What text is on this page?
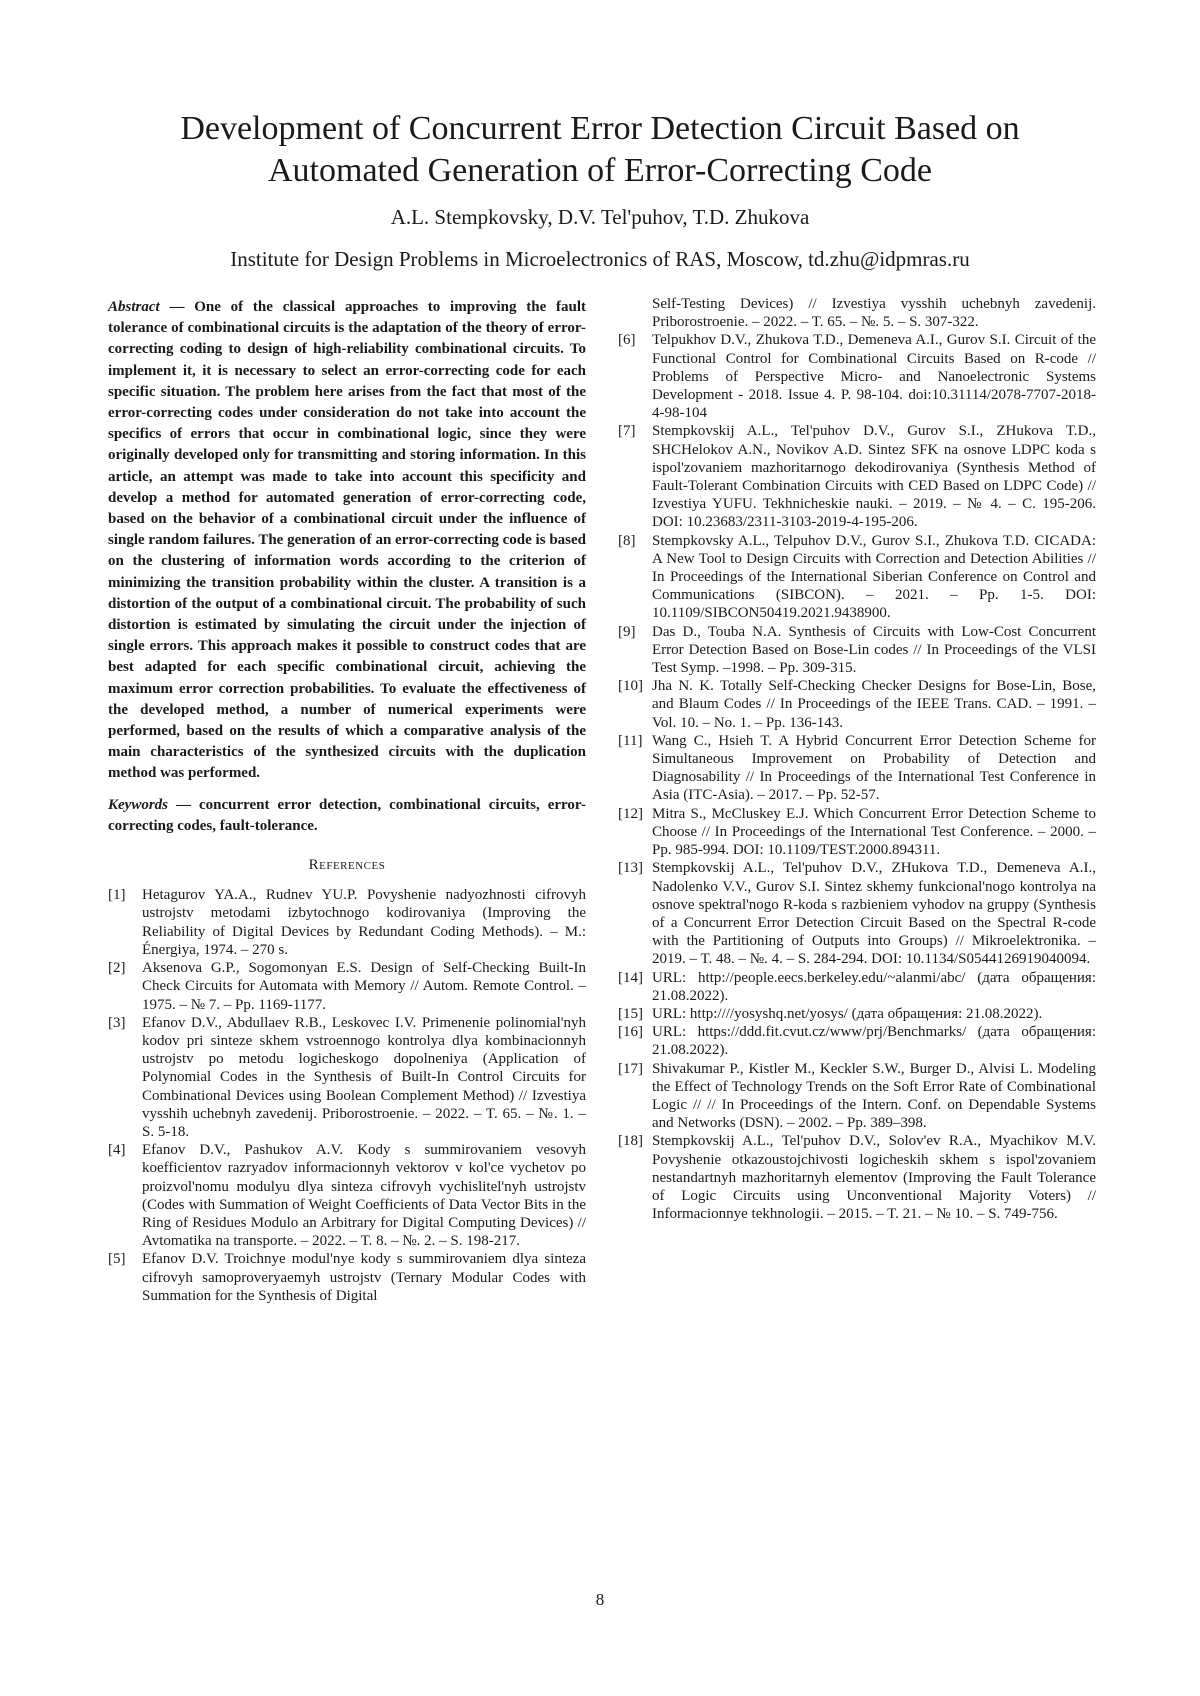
Development of Concurrent Error Detection Circuit Based on
Automated Generation of Error-Correcting Code
A.L. Stempkovsky, D.V. Tel'puhov, T.D. Zhukova
Institute for Design Problems in Microelectronics of RAS, Moscow, td.zhu@idpmras.ru

Abstract — One of the classical approaches to improving the fault tolerance of combinational circuits is the adaptation of the theory of error-correcting coding to design of high-reliability combinational circuits. To implement it, it is necessary to select an error-correcting code for each specific situation. The problem here arises from the fact that most of the error-correcting codes under consideration do not take into account the specifics of errors that occur in combinational logic, since they were originally developed only for transmitting and storing information. In this article, an attempt was made to take into account this specificity and develop a method for automated generation of error-correcting code, based on the behavior of a combinational circuit under the influence of single random failures. The generation of an error-correcting code is based on the clustering of information words according to the criterion of minimizing the transition probability within the cluster. A transition is a distortion of the output of a combinational circuit. The probability of such distortion is estimated by simulating the circuit under the injection of single errors. This approach makes it possible to construct codes that are best adapted for each specific combinational circuit, achieving the maximum error correction probabilities. To evaluate the effectiveness of the developed method, a number of numerical experiments were performed, based on the results of which a comparative analysis of the main characteristics of the synthesized circuits with the duplication method was performed.

Keywords — concurrent error detection, combinational circuits, error-correcting codes, fault-tolerance.

References
[1]	Hetagurov YA.A., Rudnev YU.P. Povyshenie nadyozhnosti cifrovyh ustrojstv metodami izbytochnogo kodirovaniya (Improving the Reliability of Digital Devices by Redundant Coding Methods). – M.: Énergiya, 1974. – 270 s.
[2]	Aksenova G.P., Sogomonyan E.S. Design of Self-Checking Built-In Check Circuits for Automata with Memory // Autom. Remote Control. – 1975. – № 7. – Pp. 1169-1177.
[3]	Efanov D.V., Abdullaev R.B., Leskovec I.V. Primenenie polinomial'nyh kodov pri sinteze skhem vstroennogo kontrolya dlya kombinacionnyh ustrojstv po metodu logicheskogo dopolneniya (Application of Polynomial Codes in the Synthesis of Built-In Control Circuits for Combinational Devices using Boolean Complement Method) // Izvestiya vysshih uchebnyh zavedenij. Priborostroenie. – 2022. – T. 65. – №. 1. – S. 5-18.
[4]	Efanov D.V., Pashukov A.V. Kody s summirovaniem vesovyh koefficientov razryadov informacionnyh vektorov v kol'ce vychetov po proizvol'nomu modulyu dlya sinteza cifrovyh vychislitel'nyh ustrojstv (Codes with Summation of Weight Coefficients of Data Vector Bits in the Ring of Residues Modulo an Arbitrary for Digital Computing Devices) // Avtomatika na transporte. – 2022. – T. 8. – №. 2. – S. 198-217.
[5]	Efanov D.V. Troichnye modul'nye kody s summirovaniem dlya sinteza cifrovyh samoproveryaemyh ustrojstv (Ternary Modular Codes with Summation for the Synthesis of Digital

Self-Testing Devices) // Izvestiya vysshih uchebnyh zavedenij. Priborostroenie. – 2022. – T. 65. – №. 5. – S. 307-322.

[6]	Telpukhov D.V., Zhukova T.D., Demeneva A.I., Gurov S.I. Circuit of the Functional Control for Combinational Circuits Based on R-code // Problems of Perspective Micro- and Nanoelectronic Systems Development - 2018. Issue 4. P. 98-104. doi:10.31114/2078-7707-2018-4-98-104
[7]	Stempkovskij A.L., Tel'puhov D.V., Gurov S.I., ZHukova T.D., SHCHelokov A.N., Novikov A.D. Sintez SFK na osnove LDPC koda s ispol'zovaniem mazhoritarnogo dekodirovaniya (Synthesis Method of Fault-Tolerant Combination Circuits with CED Based on LDPC Code) // Izvestiya YUFU. Tekhnicheskie nauki. – 2019. – № 4. – C. 195-206. DOI: 10.23683/2311-3103-2019-4-195-206.
[8]	Stempkovsky A.L., Telpuhov D.V., Gurov S.I., Zhukova T.D. CICADA: A New Tool to Design Circuits with Correction and Detection Abilities // In Proceedings of the International Siberian Conference on Control and Communications (SIBCON). – 2021. – Pp. 1-5. DOI: 10.1109/SIBCON50419.2021.9438900.
[9]	Das D., Touba N.A. Synthesis of Circuits with Low-Cost Concurrent Error Detection Based on Bose-Lin codes // In Proceedings of the VLSI Test Symp. –1998. – Pp. 309-315.
[10] Jha N. K. Totally Self-Checking Checker Designs for Bose-Lin, Bose, and Blaum Codes // In Proceedings of the IEEE Trans. CAD. – 1991. – Vol. 10. – No. 1. – Pp. 136-143.
[11] Wang C., Hsieh T. A Hybrid Concurrent Error Detection Scheme for Simultaneous Improvement on Probability of Detection and Diagnosability // In Proceedings of the International Test Conference in Asia (ITC-Asia). – 2017. – Pp. 52-57.
[12] Mitra S., McCluskey E.J. Which Concurrent Error Detection Scheme to Choose // In Proceedings of the International Test Conference. – 2000. – Pp. 985-994. DOI: 10.1109/TEST.2000.894311.
[13] Stempkovskij A.L., Tel'puhov D.V., ZHukova T.D., Demeneva A.I., Nadolenko V.V., Gurov S.I. Sintez skhemy funkcional'nogo kontrolya na osnove spektral'nogo R-koda s razbieniem vyhodov na gruppy (Synthesis of a Concurrent Error Detection Circuit Based on the Spectral R-code with the Partitioning of Outputs into Groups) // Mikroelektronika. – 2019. – T. 48. – №. 4. – S. 284-294. DOI: 10.1134/S0544126919040094.
[14] URL: http://people.eecs.berkeley.edu/~alanmi/abc/ (дата обращения: 21.08.2022).
[15] URL: http:////yosyshq.net/yosys/ (дата обращения: 21.08.2022).
[16] URL: https://ddd.fit.cvut.cz/www/prj/Benchmarks/ (дата обращения: 21.08.2022).
[17] Shivakumar P., Kistler M., Keckler S.W., Burger D., Alvisi L. Modeling the Effect of Technology Trends on the Soft Error Rate of Combinational Logic // // In Proceedings of the Intern. Conf. on Dependable Systems and Networks (DSN). – 2002. – Pp. 389–398.
[18] Stempkovskij A.L., Tel'puhov D.V., Solov'ev R.A., Myachikov M.V. Povyshenie otkazoustojchivosti logicheskih skhem s ispol'zovaniem nestandartnyh mazhoritarnyh elementov (Improving the Fault Tolerance of Logic Circuits using Unconventional Majority Voters) // Informacionnye tekhnologii. – 2015. – T. 21. – № 10. – S. 749-756.
8
